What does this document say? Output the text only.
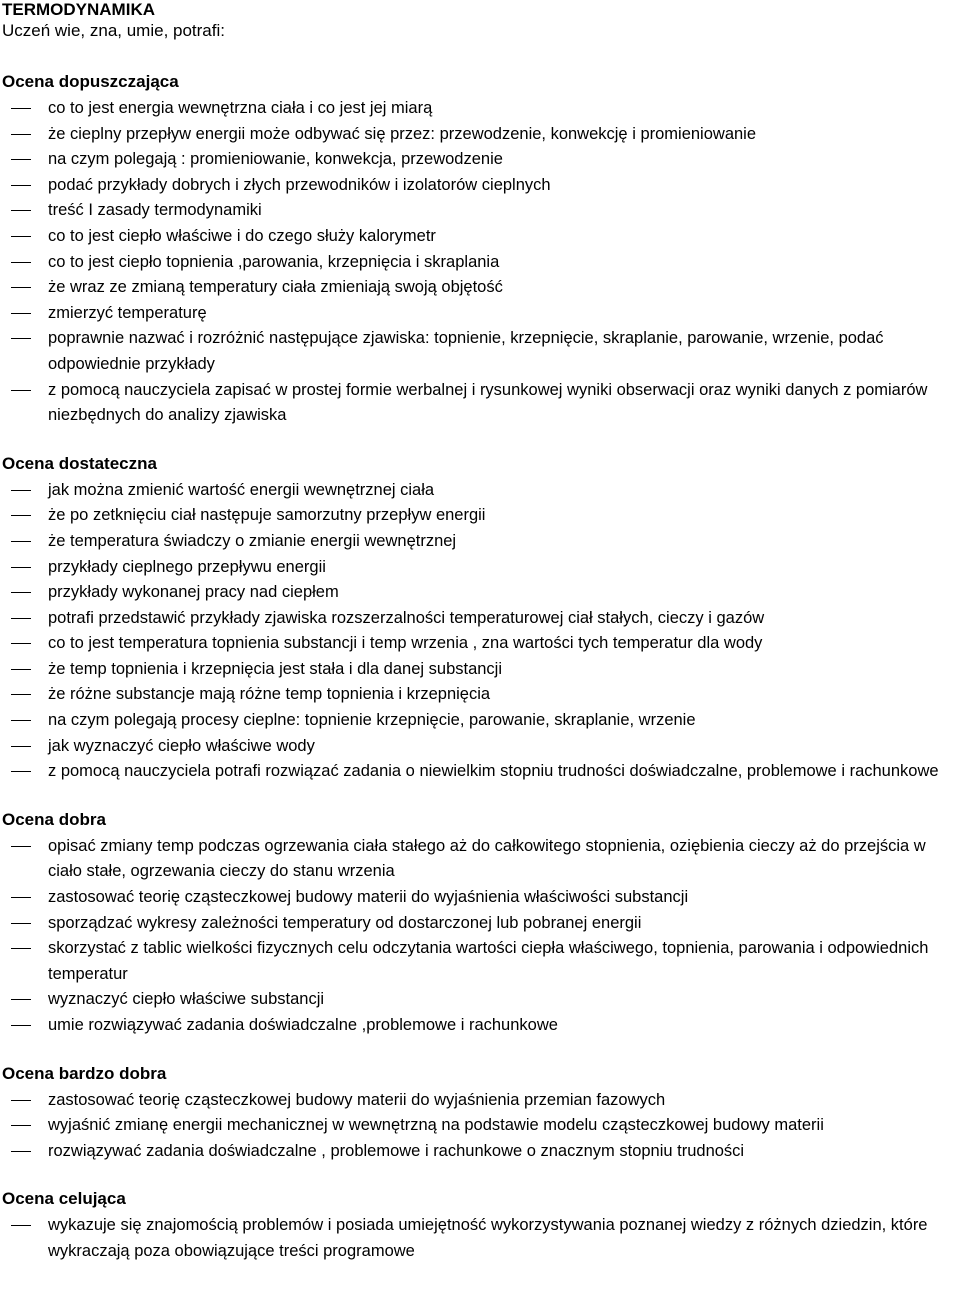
TERMODYNAMIKA
Uczeń wie, zna, umie, potrafi:
Ocena dopuszczająca
co to jest energia wewnętrzna ciała i co jest jej miarą
że cieplny przepływ energii może odbywać się przez: przewodzenie, konwekcję i promieniowanie
na czym polegają : promieniowanie, konwekcja, przewodzenie
podać przykłady dobrych i złych przewodników i izolatorów cieplnych
treść I zasady termodynamiki
co to jest ciepło właściwe i do czego służy kalorymetr
co to jest ciepło topnienia ,parowania, krzepnięcia i skraplania
że wraz ze zmianą temperatury ciała zmieniają swoją objętość
zmierzyć temperaturę
poprawnie nazwać i rozróżnić następujące zjawiska: topnienie, krzepnięcie, skraplanie, parowanie, wrzenie, podać odpowiednie przykłady
z pomocą nauczyciela zapisać w prostej formie werbalnej i rysunkowej wyniki obserwacji oraz wyniki danych z pomiarów niezbędnych do analizy zjawiska
Ocena dostateczna
jak można zmienić wartość energii wewnętrznej ciała
że po zetknięciu ciał następuje samorzutny przepływ energii
że temperatura świadczy o zmianie energii wewnętrznej
przykłady cieplnego przepływu energii
przykłady wykonanej pracy nad ciepłem
potrafi przedstawić przykłady zjawiska rozszerzalności temperaturowej ciał stałych, cieczy i gazów
co to jest temperatura topnienia substancji i temp wrzenia , zna wartości tych temperatur dla wody
że temp topnienia i krzepnięcia jest stała i dla danej substancji
że różne substancje mają różne temp topnienia i krzepnięcia
na czym polegają procesy cieplne: topnienie krzepnięcie, parowanie, skraplanie, wrzenie
jak wyznaczyć ciepło właściwe wody
z pomocą nauczyciela potrafi rozwiązać zadania o niewielkim stopniu trudności doświadczalne, problemowe i rachunkowe
Ocena dobra
opisać zmiany temp podczas ogrzewania ciała stałego aż do całkowitego stopnienia, oziębienia cieczy aż do przejścia w ciało stałe, ogrzewania cieczy do stanu wrzenia
zastosować teorię cząsteczkowej budowy materii do wyjaśnienia właściwości substancji
sporządzać wykresy zależności temperatury od dostarczonej lub pobranej energii
skorzystać z tablic wielkości fizycznych celu odczytania wartości ciepła właściwego, topnienia, parowania i odpowiednich temperatur
wyznaczyć ciepło właściwe substancji
umie rozwiązywać zadania doświadczalne ,problemowe i rachunkowe
Ocena bardzo dobra
zastosować teorię cząsteczkowej budowy materii do wyjaśnienia przemian fazowych
wyjaśnić zmianę energii mechanicznej w wewnętrzną na podstawie modelu cząsteczkowej budowy materii
rozwiązywać zadania doświadczalne , problemowe i rachunkowe o znacznym stopniu trudności
Ocena celująca
wykazuje się znajomością problemów i posiada umiejętność wykorzystywania poznanej wiedzy z różnych dziedzin, które wykraczają poza obowiązujące treści programowe
